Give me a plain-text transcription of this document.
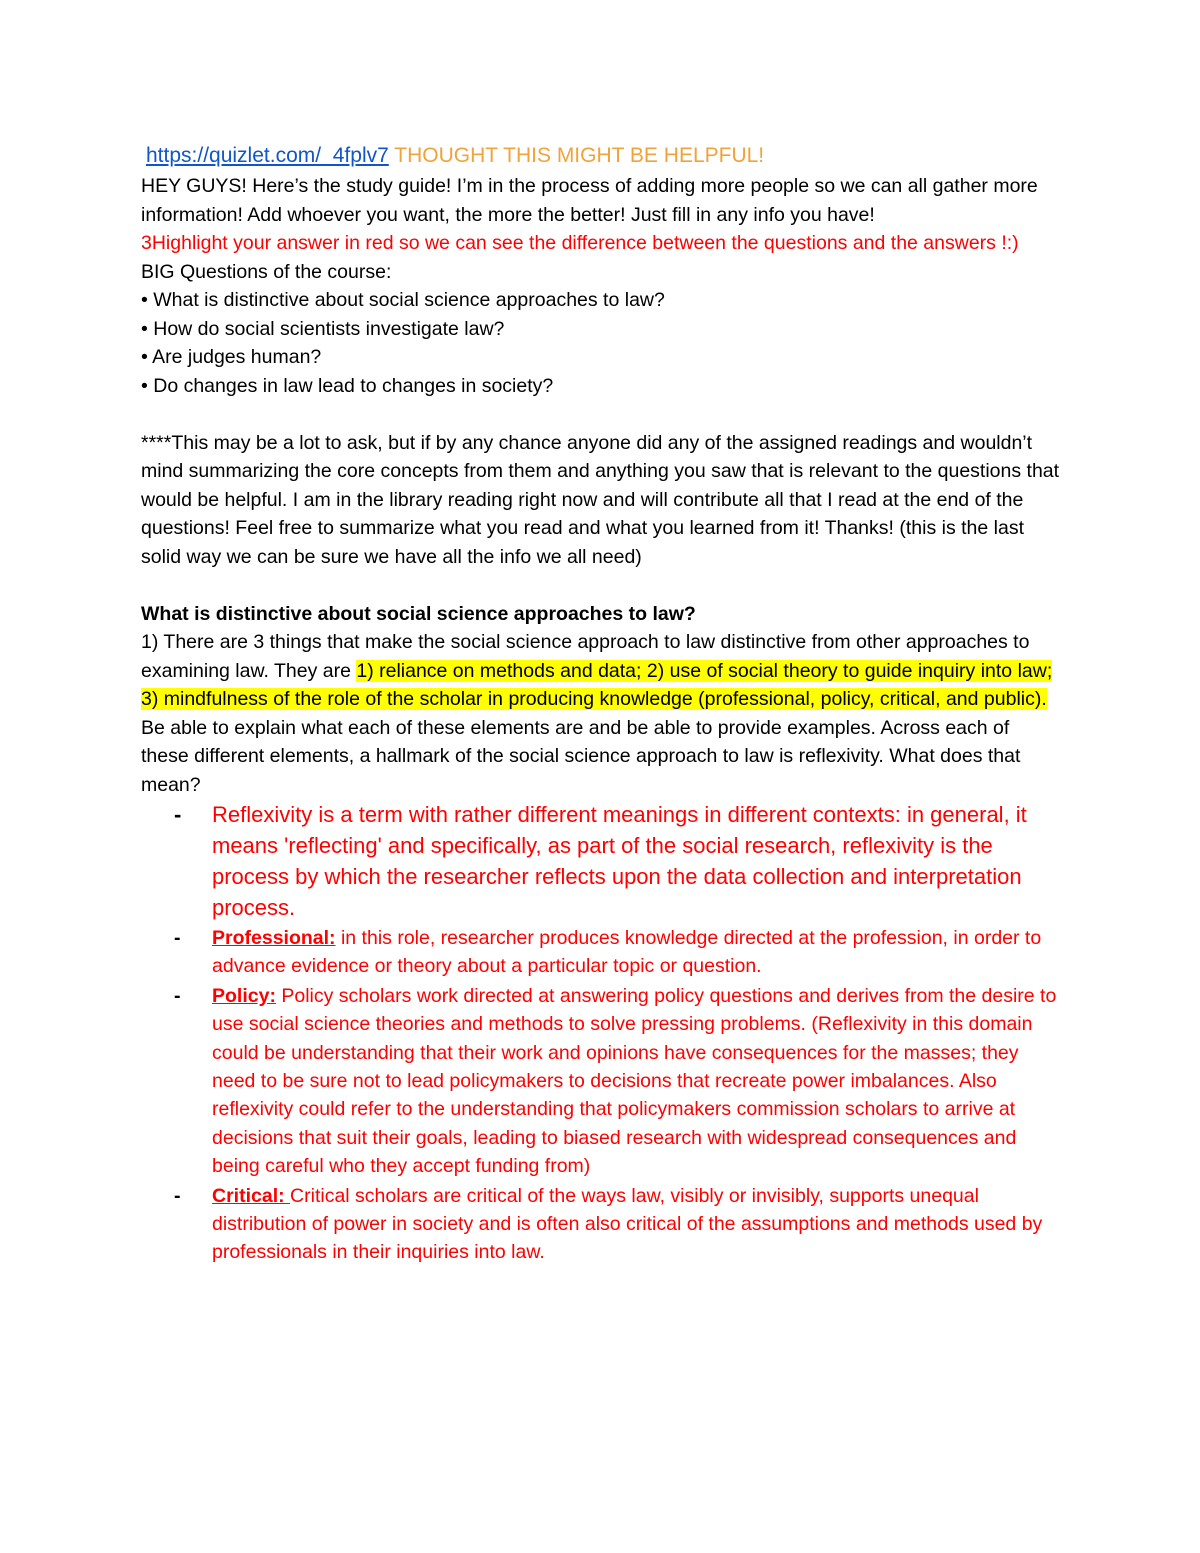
https://quizlet.com/_4fplv7 THOUGHT THIS MIGHT BE HELPFUL!

HEY GUYS! Here’s the study guide! I’m in the process of adding more people so we can all gather more information! Add whoever you want, the more the better! Just fill in any info you have!

3Highlight your answer in red so we can see the difference between the questions and the answers !:)

BIG Questions of the course:

• What is distinctive about social science approaches to law?

• How do social scientists investigate law?

• Are judges human?

• Do changes in law lead to changes in society?

****This may be a lot to ask, but if by any chance anyone did any of the assigned readings and wouldn’t mind summarizing the core concepts from them and anything you saw that is relevant to the questions that would be helpful. I am in the library reading right now and will contribute all that I read at the end of the questions! Feel free to summarize what you read and what you learned from it! Thanks! (this is the last solid way we can be sure we have all the info we all need)

What is distinctive about social science approaches to law?

1) There are 3 things that make the social science approach to law distinctive from other approaches to examining law. They are 1) reliance on methods and data; 2) use of social theory to guide inquiry into law; 3) mindfulness of the role of the scholar in producing knowledge (professional, policy, critical, and public). Be able to explain what each of these elements are and be able to provide examples. Across each of these different elements, a hallmark of the social science approach to law is reflexivity. What does that mean?

- Reflexivity is a term with rather different meanings in different contexts: in general, it means 'reflecting' and specifically, as part of the social research, reflexivity is the process by which the researcher reflects upon the data collection and interpretation process.
- Professional: in this role, researcher produces knowledge directed at the profession, in order to advance evidence or theory about a particular topic or question.
- Policy: Policy scholars work directed at answering policy questions and derives from the desire to use social science theories and methods to solve pressing problems. (Reflexivity in this domain could be understanding that their work and opinions have consequences for the masses; they need to be sure not to lead policymakers to decisions that recreate power imbalances. Also reflexivity could refer to the understanding that policymakers commission scholars to arrive at decisions that suit their goals, leading to biased research with widespread consequences and being careful who they accept funding from)
- Critical: Critical scholars are critical of the ways law, visibly or invisibly, supports unequal distribution of power in society and is often also critical of the assumptions and methods used by professionals in their inquiries into law.
